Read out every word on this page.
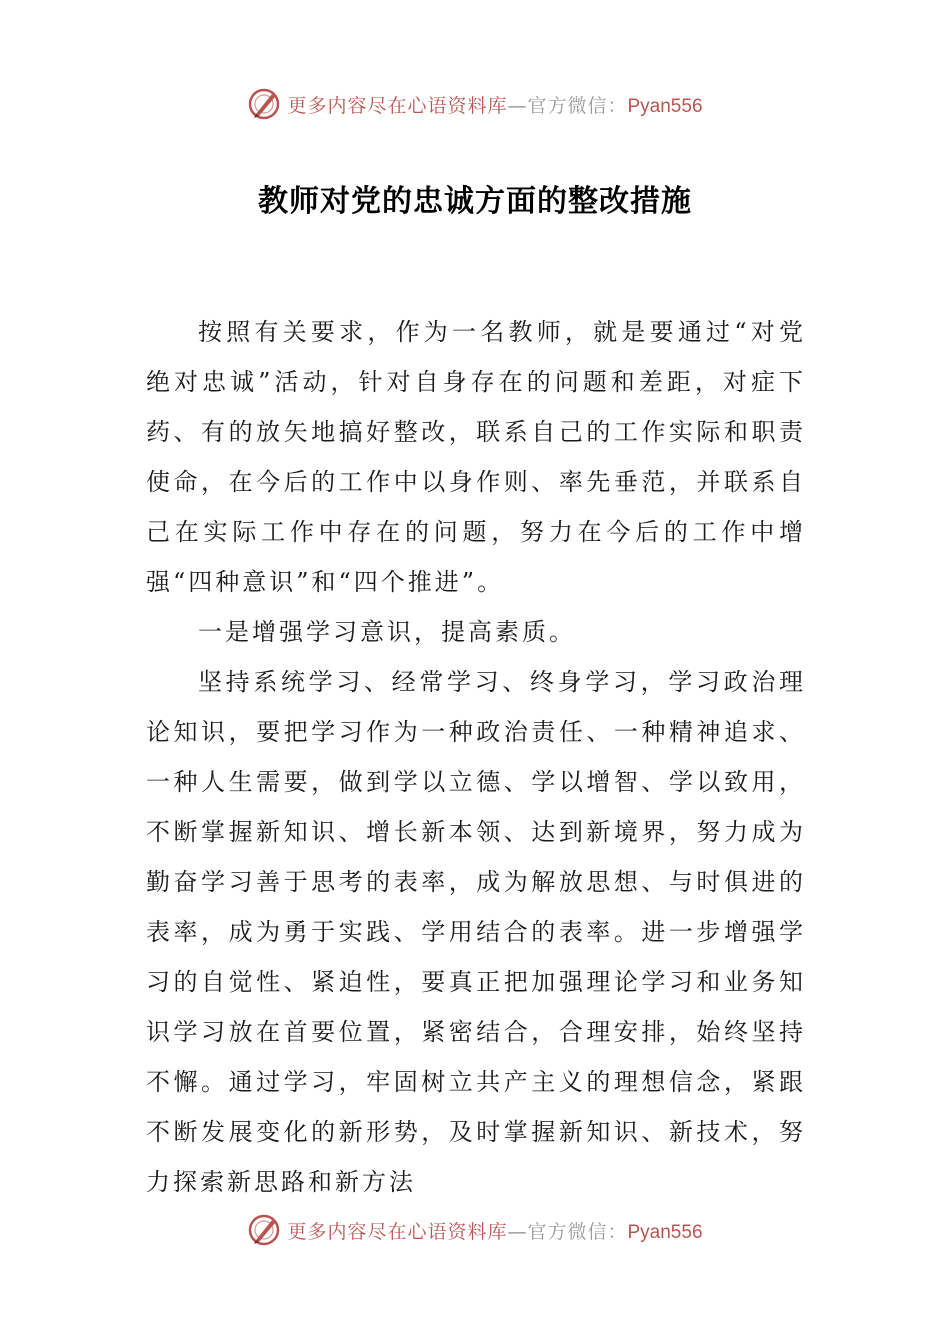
更多内容尽在心语资料库—官方微信：Pyan556
教师对党的忠诚方面的整改措施

按照有关要求，作为一名教师，就是要通过“对党绝对忠诚”活动，针对自身存在的问题和差距，对症下药、有的放矢地搞好整改，联系自己的工作实际和职责使命，在今后的工作中以身作则、率先垂范，并联系自己在实际工作中存在的问题，努力在今后的工作中增强“四种意识”和“四个推进”。

一是增强学习意识，提高素质。

坚持系统学习、经常学习、终身学习，学习政治理论知识，要把学习作为一种政治责任、一种精神追求、一种人生需要，做到学以立德、学以增智、学以致用，不断掌握新知识、增长新本领、达到新境界，努力成为勤奋学习善于思考的表率，成为解放思想、与时俱进的表率，成为勇于实践、学用结合的表率。进一步增强学习的自觉性、紧迫性，要真正把加强理论学习和业务知识学习放在首要位置，紧密结合，合理安排，始终坚持不懈。通过学习，牢固树立共产主义的理想信念，紧跟不断发展变化的新形势，及时掌握新知识、新技术，努力探索新思路和新方法

更多内容尽在心语资料库—官方微信：Pyan556
